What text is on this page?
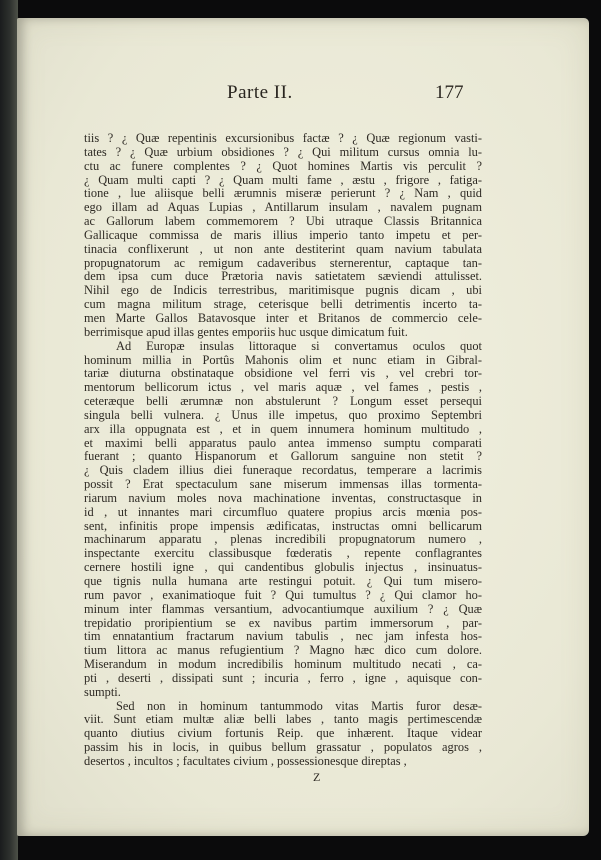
Parte II.	177
tiis ? ¿ Quæ repentinis excursionibus factæ ? ¿ Quæ regionum vasti-
tates ? ¿ Quæ urbium obsidiones ? ¿ Qui militum cursus omnia lu-
ctu ac funere complentes ? ¿ Quot homines Martis vis perculit ?
¿ Quam multi capti ? ¿ Quam multi fame , æstu , frigore , fatiga-
tione , lue aliisque belli ærumnis miseræ perierunt ? ¿ Nam , quid
ego illam ad Aquas Lupias , Antillarum insulam , navalem pugnam
ac Gallorum labem commemorem ? Ubi utraque Classis Britannica
Gallicaque commissa de maris illius imperio tanto impetu et per-
tinacia conflixerunt , ut non ante destiterint quam navium tabulata
propugnatorum ac remigum cadaveribus sternerentur, captaque tan-
dem ipsa cum duce Prætoria navis satietatem sæviendi attulisset.
Nihil ego de Indicis terrestribus, maritimisque pugnis dicam , ubi
cum magna militum strage, ceterisque belli detrimentis incerto ta-
men Marte Gallos Batavosque inter et Britanos de commercio cele-
berrimisque apud illas gentes emporiis huc usque dimicatum fuit.
Ad Europæ insulas littoraque si convertamus oculos quot
hominum millia in Portûs Mahonis olim et nunc etiam in Gibral-
tariæ diuturna obstinataque obsidione vel ferri vis , vel crebri tor-
mentorum bellicorum ictus , vel maris aquæ , vel fames , pestis ,
ceteræque belli ærumnæ non abstulerunt ? Longum esset persequi
singula belli vulnera. ¿ Unus ille impetus, quo proximo Septembri
arx illa oppugnata est , et in quem innumera hominum multitudo ,
et maximi belli apparatus paulo antea immenso sumptu comparati
fuerant ; quanto Hispanorum et Gallorum sanguine non stetit ?
¿ Quis cladem illius diei funeraque recordatus, temperare a lacrimis
possit ? Erat spectaculum sane miserum immensas illas tormenta-
riarum navium moles nova machinatione inventas, constructasque in
id , ut innantes mari circumfluo quatere propius arcis mœnia pos-
sent, infinitis prope impensis ædificatas, instructas omni bellicarum
machinarum apparatu , plenas incredibili propugnatorum numero ,
inspectante exercitu classibusque fœderatis , repente conflagrantes
cernere hostili igne , qui candentibus globulis injectus , insinuatus-
que tignis nulla humana arte restingui potuit. ¿ Qui tum misero-
rum pavor , exanimatioque fuit ? Qui tumultus ? ¿ Qui clamor ho-
minum inter flammas versantium, advocantiumque auxilium ? ¿ Quæ
trepidatio proripientium se ex navibus partim immersorum , par-
tim ennatantium fractarum navium tabulis , nec jam infesta hos-
tium littora ac manus refugientium ? Magno hæc dico cum dolore.
Miserandum in modum incredibilis hominum multitudo necati , ca-
pti , deserti , dissipati sunt ; incuria , ferro , igne , aquisque con-
sumpti.
Sed non in hominum tantummodo vitas Martis furor desæ-
viit. Sunt etiam multæ aliæ belli labes , tanto magis pertimescendæ
quanto diutius civium fortunis Reip. que inhærent. Itaque videar
passim his in locis, in quibus bellum grassatur , populatos agros ,
desertos , incultos ; facultates civium , possessionesque direptas ,
Z
